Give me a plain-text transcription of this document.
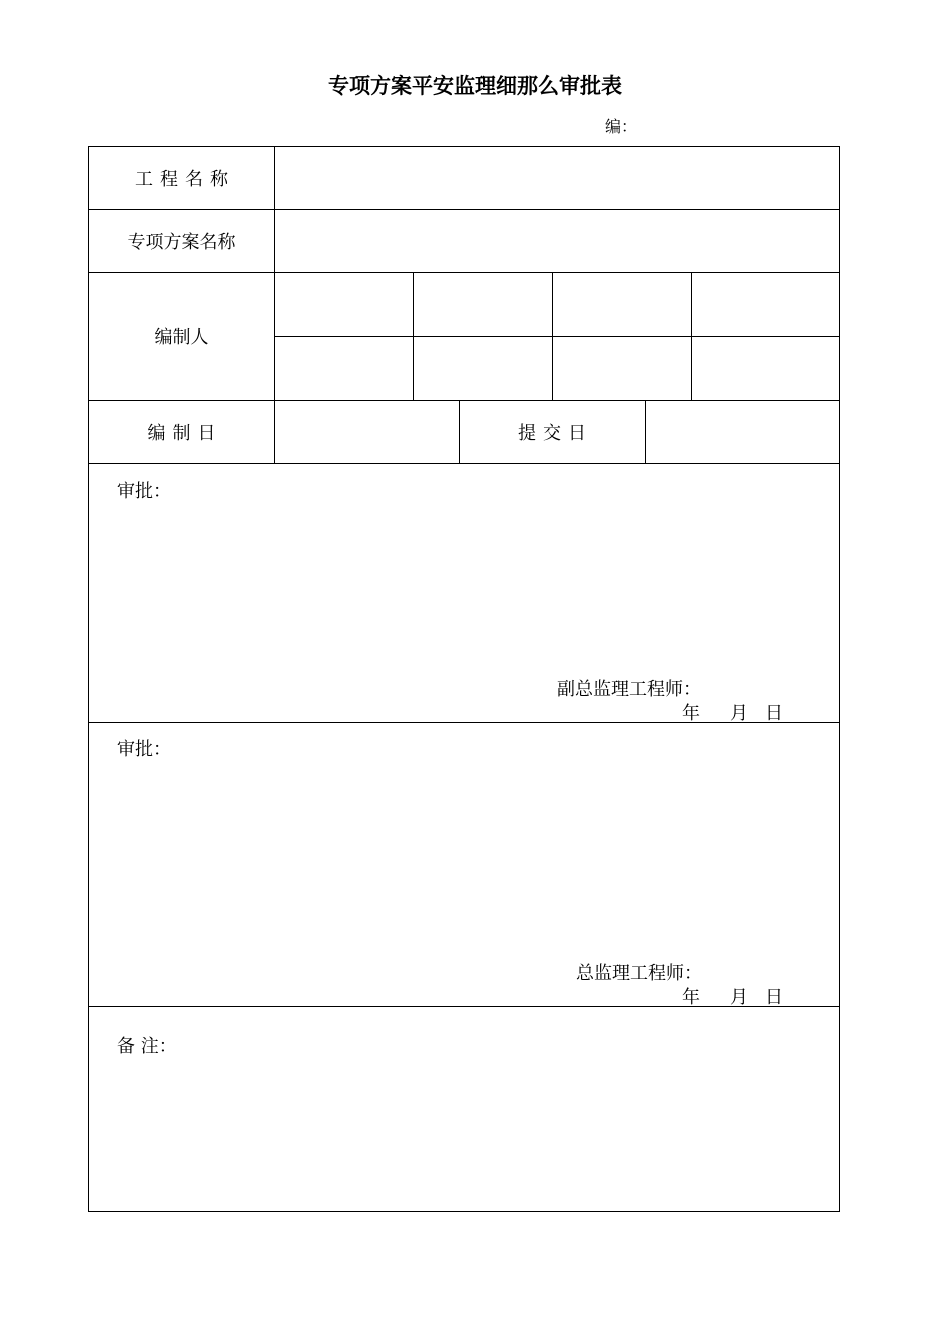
专项方案平安监理细那么审批表
编：
工程名称
专项方案名称
编制人
编制日	提交日
审批：
副总监理工程师：
年 月 日
审批：
总监理工程师：
年 月 日
备 注：
